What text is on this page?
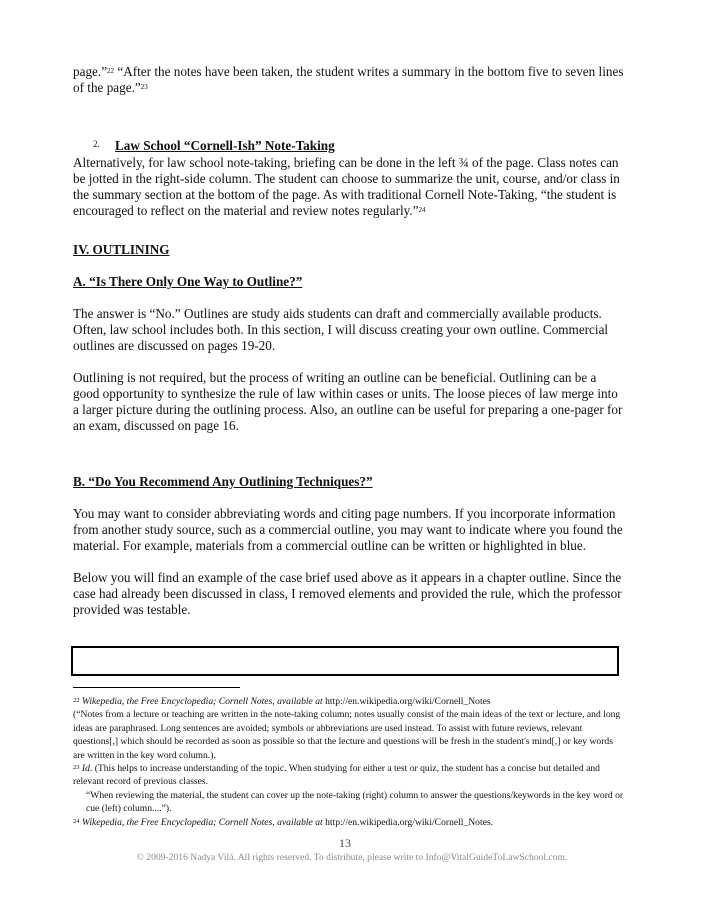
page.”$^{22}$ “After the notes have been taken, the student writes a summary in the bottom five to seven lines of the page.”$^{23}$

2. Law School “Cornell-Ish” Note-Taking

Alternatively, for law school note-taking, briefing can be done in the left ¾ of the page. Class notes can be jotted in the right-side column. The student can choose to summarize the unit, course, and/or class in the summary section at the bottom of the page. As with traditional Cornell Note-Taking, “the student is encouraged to reflect on the material and review notes regularly.”$^{24}$

IV. OUTLINING

A. “Is There Only One Way to Outline?”

The answer is “No.” Outlines are study aids students can draft and commercially available products. Often, law school includes both. In this section, I will discuss creating your own outline. Commercial outlines are discussed on pages 19-20.

Outlining is not required, but the process of writing an outline can be beneficial. Outlining can be a good opportunity to synthesize the rule of law within cases or units. The loose pieces of law merge into a larger picture during the outlining process. Also, an outline can be useful for preparing a one-pager for an exam, discussed on page 16.

B. “Do You Recommend Any Outlining Techniques?”

You may want to consider abbreviating words and citing page numbers. If you incorporate information from another study source, such as a commercial outline, you may want to indicate where you found the material. For example, materials from a commercial outline can be written or highlighted in blue.

Below you will find an example of the case brief used above as it appears in a chapter outline. Since the case had already been discussed in class, I removed elements and provided the rule, which the professor provided was testable.

$^{22}$ Wikepedia, the Free Encyclopedia; Cornell Notes, available at http://en.wikipedia.org/wiki/Cornell_Notes
(“Notes from a lecture or teaching are written in the note-taking column; notes usually consist of the main ideas of the text or lecture, and long ideas are paraphrased. Long sentences are avoided; symbols or abbreviations are used instead. To assist with future reviews, relevant questions[,] which should be recorded as soon as possible so that the lecture and questions will be fresh in the student's mind[,] or key words are written in the key word column.).

$^{23}$ Id. (This helps to increase understanding of the topic. When studying for either a test or quiz, the student has a concise but detailed and relevant record of previous classes.

“When reviewing the material, the student can cover up the note-taking (right) column to answer the questions/keywords in the key word or cue (left) column....”).

$^{24}$ Wikepedia, the Free Encyclopedia; Cornell Notes, available at http://en.wikipedia.org/wiki/Cornell_Notes.

13
© 2009-2016 Nadya Vilá. All rights reserved. To distribute, please write to Info@VitalGuideToLawSchool.com.
